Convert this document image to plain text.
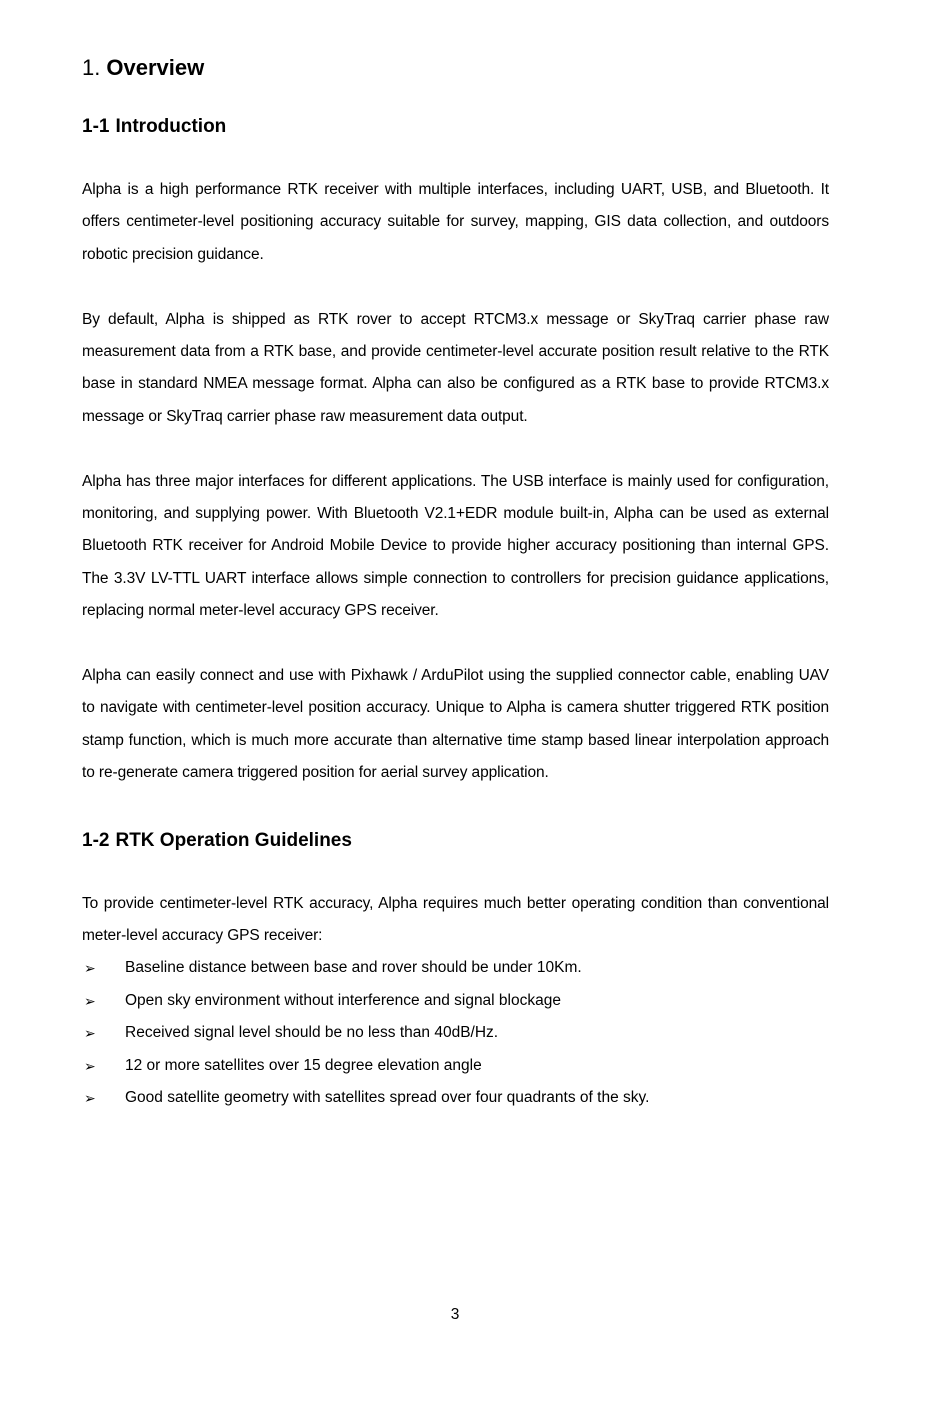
1. Overview
1-1 Introduction

Alpha is a high performance RTK receiver with multiple interfaces, including UART, USB, and Bluetooth. It offers centimeter-level positioning accuracy suitable for survey, mapping, GIS data collection, and outdoors robotic precision guidance.

By default, Alpha is shipped as RTK rover to accept RTCM3.x message or SkyTraq carrier phase raw measurement data from a RTK base, and provide centimeter-level accurate position result relative to the RTK base in standard NMEA message format. Alpha can also be configured as a RTK base to provide RTCM3.x message or SkyTraq carrier phase raw measurement data output.

Alpha has three major interfaces for different applications. The USB interface is mainly used for configuration, monitoring, and supplying power. With Bluetooth V2.1+EDR module built-in, Alpha can be used as external Bluetooth RTK receiver for Android Mobile Device to provide higher accuracy positioning than internal GPS. The 3.3V LV-TTL UART interface allows simple connection to controllers for precision guidance applications, replacing normal meter-level accuracy GPS receiver.

Alpha can easily connect and use with Pixhawk / ArduPilot using the supplied connector cable, enabling UAV to navigate with centimeter-level position accuracy. Unique to Alpha is camera shutter triggered RTK position stamp function, which is much more accurate than alternative time stamp based linear interpolation approach to re-generate camera triggered position for aerial survey application.

1-2 RTK Operation Guidelines

To provide centimeter-level RTK accuracy, Alpha requires much better operating condition than conventional meter-level accuracy GPS receiver:

➢ Baseline distance between base and rover should be under 10Km.
➢ Open sky environment without interference and signal blockage
➢ Received signal level should be no less than 40dB/Hz.
➢ 12 or more satellites over 15 degree elevation angle
➢ Good satellite geometry with satellites spread over four quadrants of the sky.
3
